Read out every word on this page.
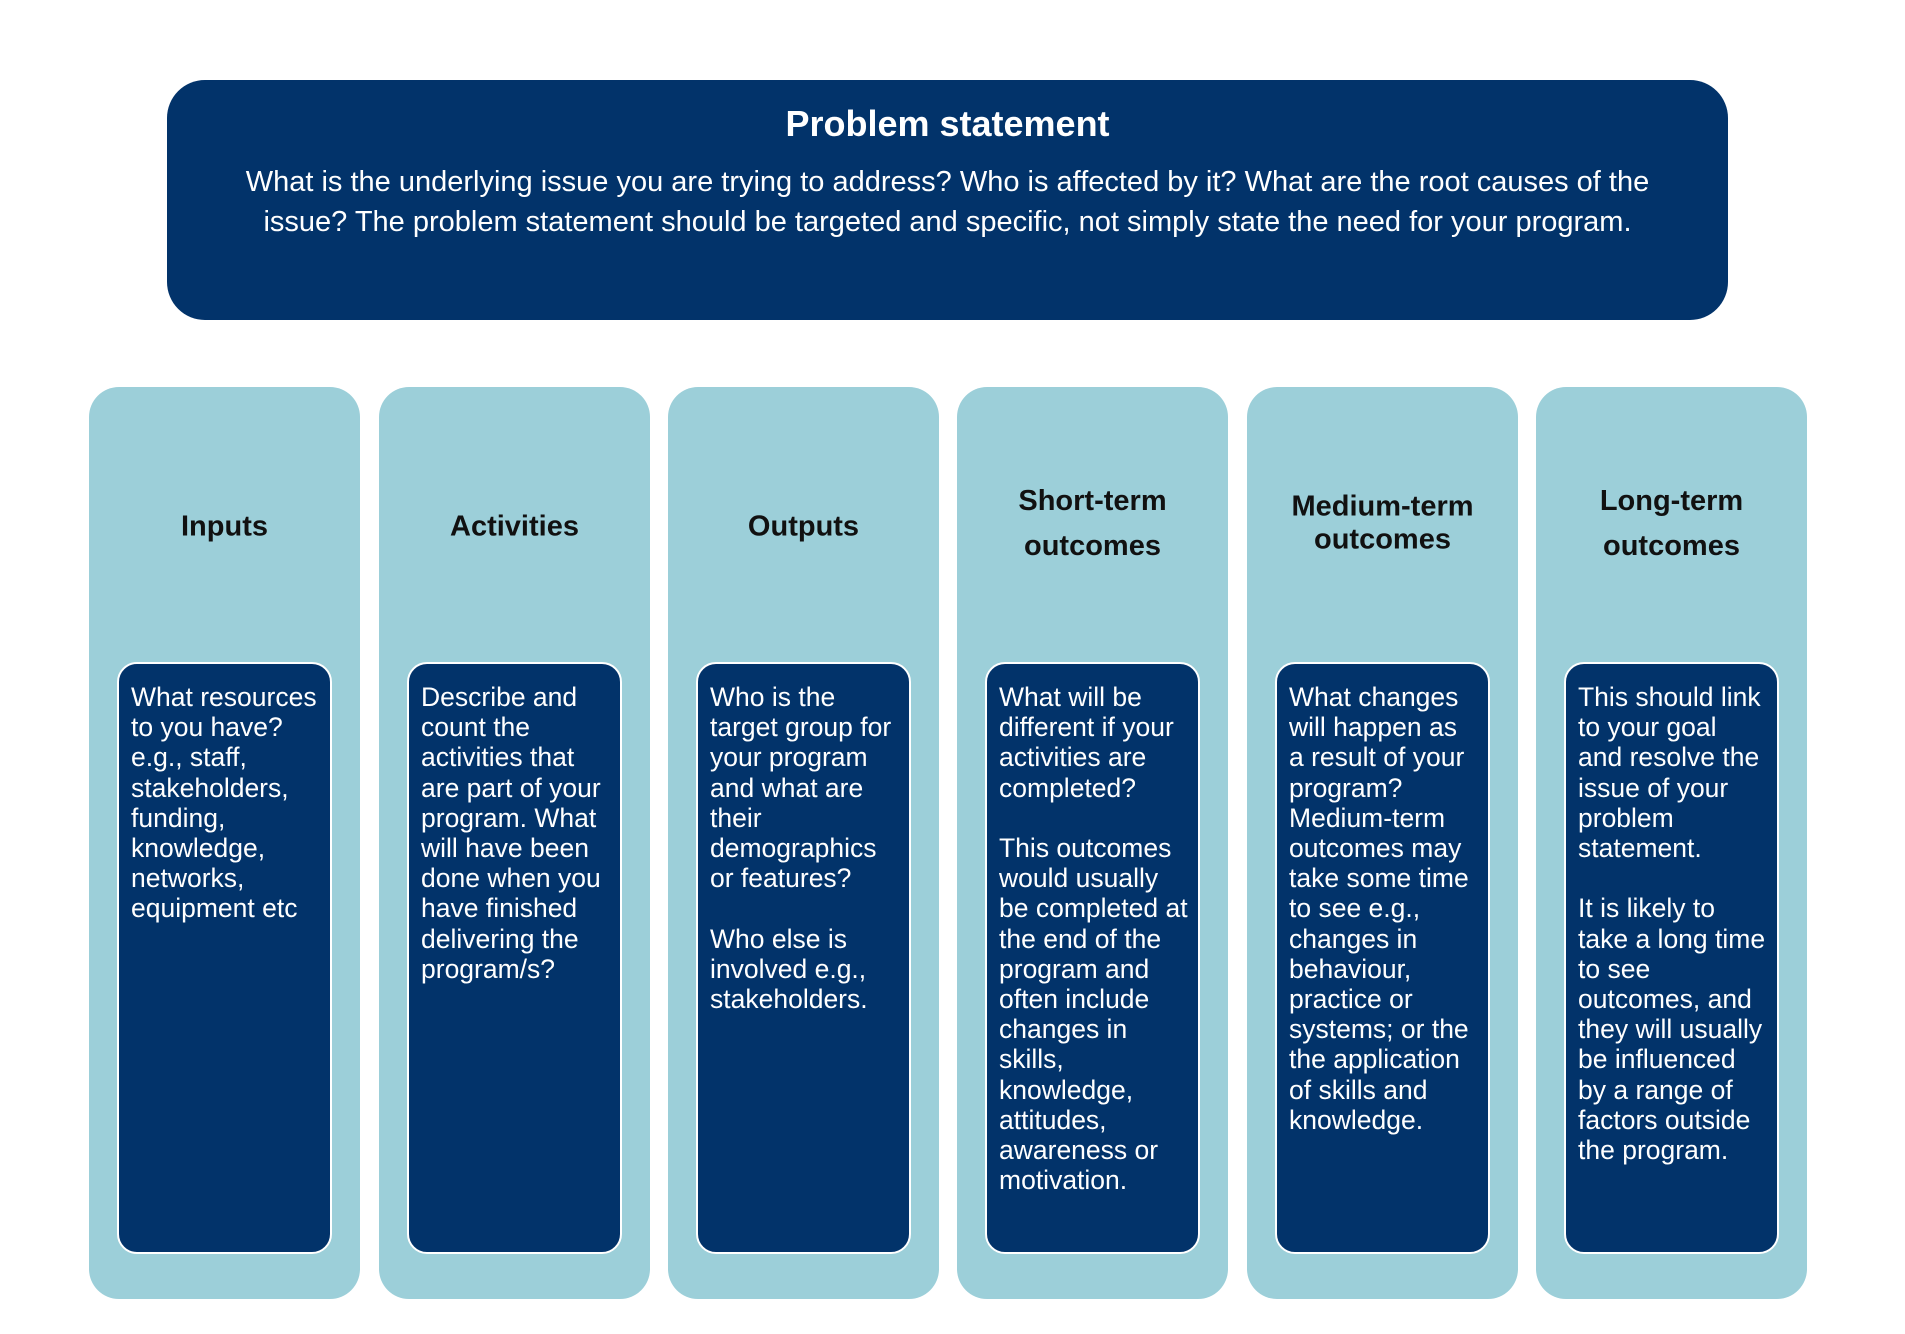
Problem statement
What is the underlying issue you are trying to address? Who is affected by it? What are the root causes of the issue? The problem statement should be targeted and specific, not simply state the need for your program.
Inputs
What resources to you have? e.g., staff, stakeholders, funding, knowledge, networks, equipment etc
Activities
Describe and count the activities that are part of your program. What will have been done when you have finished delivering the program/s?
Outputs
Who is the target group for your program and what are their demographics or features?

Who else is involved e.g., stakeholders.
Short-term outcomes
What will be different if your activities are completed?

This outcomes would usually be completed at the end of the program and often include changes in skills, knowledge, attitudes, awareness or motivation.
Medium-term outcomes
What changes will happen as a result of your program?
Medium-term outcomes may take some time to see e.g., changes in behaviour, practice or systems; or the the application of skills and knowledge.
Long-term outcomes
This should link to your goal and resolve the issue of your problem statement.

It is likely to take a long time to see outcomes, and they will usually be influenced by a range of factors outside the program.
